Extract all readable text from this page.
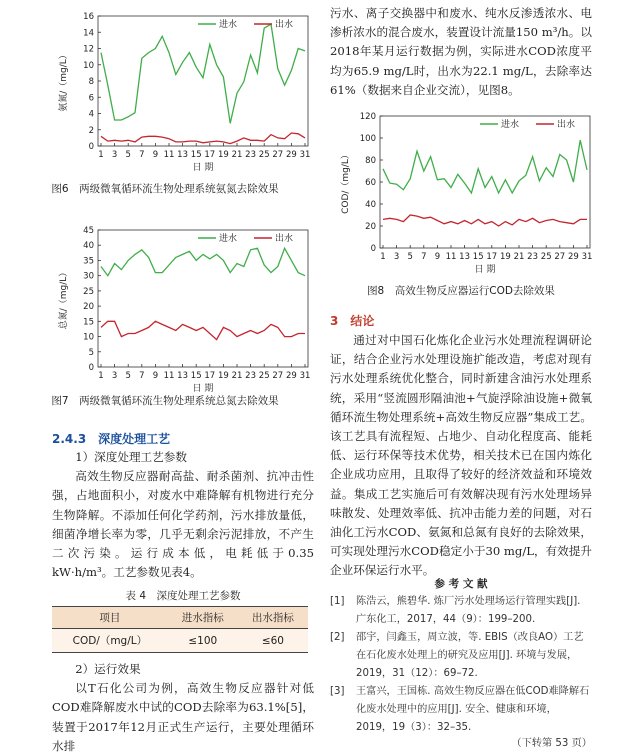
0
2
4
6
8
10
12
14
16
1 3 5 7 9 11 13 15 17 19 21 23 25 27 29 31
日 期
氨氮/（mg/L）
进水	出水
图6　两级微氧循环流生物处理系统氨氮去除效果
0
5
10
15
20
25
30
35
40
45
1 3 5 7 9 11 13 15 17 19 21 23 25 27 29 31
日 期
总氮/（mg/L）
进水	出水
图7　两级微氧循环流生物处理系统总氮去除效果
2.4.3　深度处理工艺
1）深度处理工艺参数

高效生物反应器耐高盐、耐杀菌剂、抗冲击性强，占地面积小，对废水中难降解有机物进行充分生物降解。不添加任何化学药剂，污水排放量低，细菌净增长率为零，几乎无剩余污泥排放，不产生二次污染。运行成本低，电耗低于0.35 kW·h/m³。工艺参数见表4。

表 4　深度处理工艺参数
项目	进水指标	出水指标
COD/（mg/L）	≤100	≤60
2）运行效果

以T石化公司为例，高效生物反应器针对低COD难降解废水中试的COD去除率为63.1%[5]，装置于2017年12月正式生产运行，主要处理循环水排

污水、离子交换器中和废水、纯水反渗透浓水、电渗析浓水的混合废水，装置设计流量150 m³/h。以2018年某月运行数据为例，实际进水COD浓度平均为65.9 mg/L时，出水为22.1 mg/L，去除率达61%（数据来自企业交流），见图8。

0
20
40
60
80
100
120
1 3 5 7 9 11 13 15 17 19 21 23 25 27 29 31
日 期
COD/（mg/L）
进水	出水
图8　高效生物反应器运行COD去除效果
3　结论

通过对中国石化炼化企业污水处理流程调研论证，结合企业污水处理设施扩能改造，考虑对现有污水处理系统优化整合，同时新建含油污水处理系统，采用“竖流圆形隔油池+气旋浮除油设施+微氧循环流生物处理系统+高效生物反应器”集成工艺。该工艺具有流程短、占地少、自动化程度高、能耗低、运行环保等技术优势，相关技术已在国内炼化企业成功应用，且取得了较好的经济效益和环境效益。集成工艺实施后可有效解决现有污水处理场异味散发、处理效率低、抗冲击能力差的问题，对石油化工污水COD、氨氮和总氮有良好的去除效果，可实现处理污水COD稳定小于30 mg/L，有效提升企业环保运行水平。

参 考 文 献
[1]	陈浩云，熊碧华. 炼厂污水处理场运行管理实践[J]. 广东化工，2017，44（9）：199–200.
[2]	邵宇，闫鑫玉，周立波，等. EBIS（改良AO）工艺在石化废水处理上的研究及应用[J]. 环境与发展，2019，31（12）：69–72.
[3]	王富兴，王国栋. 高效生物反应器在低COD难降解石化废水处理中的应用[J]. 安全、健康和环境，2019，19（3）：32–35.
（下转第 53 页）
